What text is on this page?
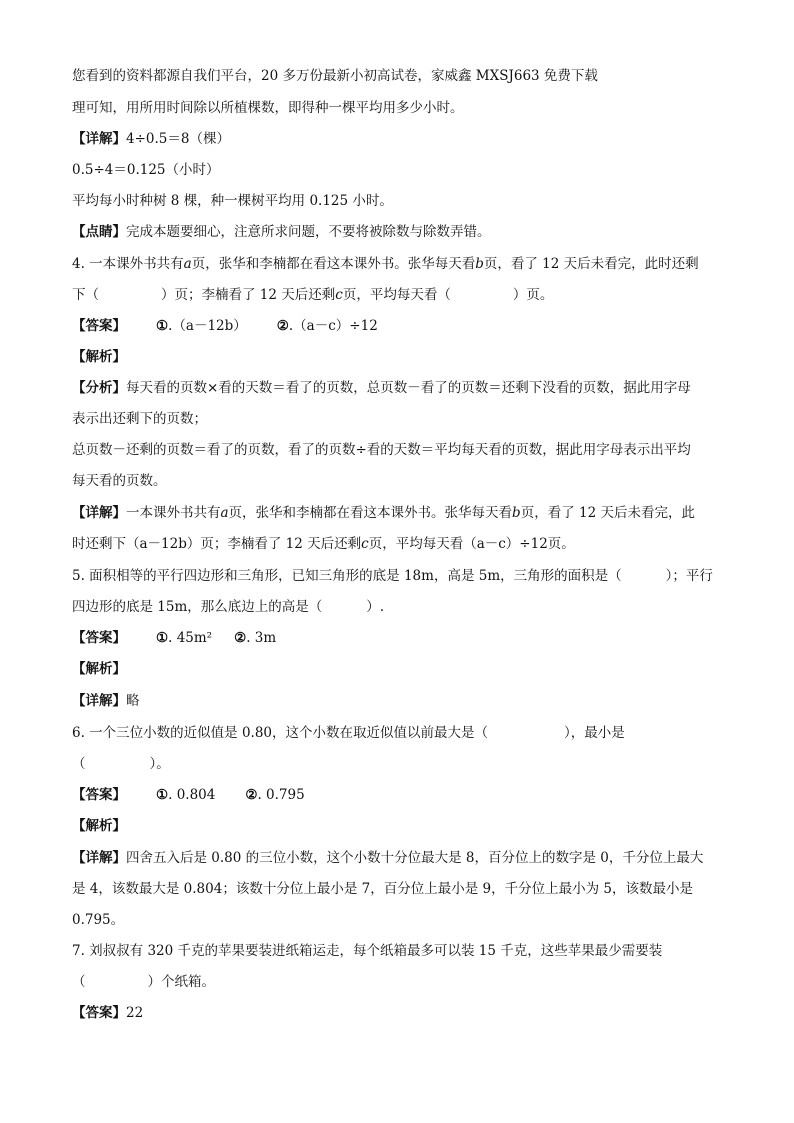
您看到的资料都源自我们平台，20 多万份最新小初高试卷，家威鑫 MXSJ663 免费下载
理可知，用所用时间除以所植棵数，即得种一棵平均用多少小时。
【详解】4÷0.5＝8（棵）
0.5÷4＝0.125（小时）
平均每小时种树 8 棵，种一棵树平均用 0.125 小时。
【点睛】完成本题要细心，注意所求问题，不要将被除数与除数弄错。
4. 一本课外书共有𝑎页，张华和李楠都在看这本课外书。张华每天看𝑏页，看了 12 天后未看完，此时还剩
下（	）页；李楠看了 12 天后还剩𝑐页，平均每天看（	）页。
【答案】 ①.（a－12b） ②.（a－c）÷12
【解析】
【分析】每天看的页数×看的天数＝看了的页数，总页数－看了的页数＝还剩下没看的页数，据此用字母
表示出还剩下的页数；
总页数－还剩的页数＝看了的页数，看了的页数÷看的天数＝平均每天看的页数，据此用字母表示出平均
每天看的页数。
【详解】一本课外书共有𝑎页，张华和李楠都在看这本课外书。张华每天看𝑏页，看了 12 天后未看完，此
时还剩下（a－12b）页；李楠看了 12 天后还剩𝑐页，平均每天看（a－c）÷12页。
5. 面积相等的平行四边形和三角形，已知三角形的底是 18m，高是 5m，三角形的面积是（	）；平行
四边形的底是 15m，那么底边上的高是（	）.
【答案】 ①. 45m² ②. 3m
【解析】
【详解】略
6. 一个三位小数的近似值是 0.80，这个小数在取近似值以前最大是（	），最小是
（	）。
【答案】 ①. 0.804 ②. 0.795
【解析】
【详解】四舍五入后是 0.80 的三位小数，这个小数十分位最大是 8，百分位上的数字是 0，千分位上最大
是 4，该数最大是 0.804；该数十分位上最小是 7，百分位上最小是 9，千分位上最小为 5，该数最小是
0.795。
7. 刘叔叔有 320 千克的苹果要装进纸箱运走，每个纸箱最多可以装 15 千克，这些苹果最少需要装
（	）个纸箱。
【答案】22
